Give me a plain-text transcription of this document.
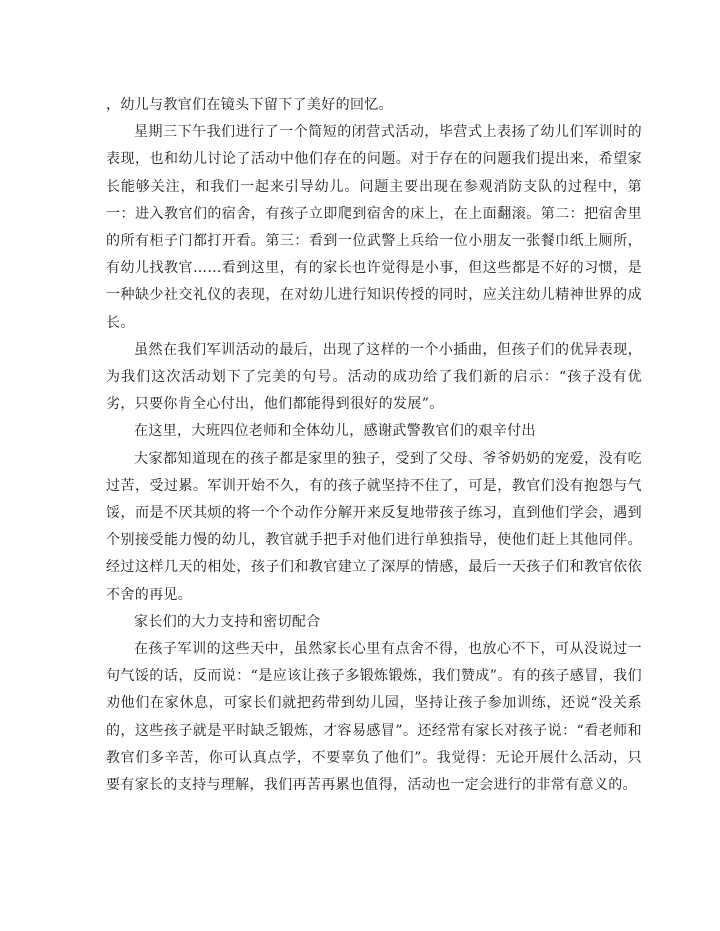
，幼儿与教官们在镜头下留下了美好的回忆。

星期三下午我们进行了一个简短的闭营式活动，毕营式上表扬了幼儿们军训时的表现，也和幼儿讨论了活动中他们存在的问题。对于存在的问题我们提出来，希望家长能够关注，和我们一起来引导幼儿。问题主要出现在参观消防支队的过程中，第一：进入教官们的宿舍，有孩子立即爬到宿舍的床上，在上面翻滚。第二：把宿舍里的所有柜子门都打开看。第三：看到一位武警上兵给一位小朋友一张餐巾纸上厕所，有幼儿找教官……看到这里，有的家长也许觉得是小事，但这些都是不好的习惯，是一种缺少社交礼仪的表现，在对幼儿进行知识传授的同时，应关注幼儿精神世界的成长。

虽然在我们军训活动的最后，出现了这样的一个小插曲，但孩子们的优异表现，为我们这次活动划下了完美的句号。活动的成功给了我们新的启示：“孩子没有优劣，只要你肯全心付出，他们都能得到很好的发展”。

在这里，大班四位老师和全体幼儿，感谢武警教官们的艰辛付出

大家都知道现在的孩子都是家里的独子，受到了父母、爷爷奶奶的宠爱，没有吃过苦，受过累。军训开始不久，有的孩子就坚持不住了，可是，教官们没有抱怨与气馁，而是不厌其烦的将一个个动作分解开来反复地带孩子练习，直到他们学会，遇到个别接受能力慢的幼儿，教官就手把手对他们进行单独指导，使他们赶上其他同伴。经过这样几天的相处，孩子们和教官建立了深厚的情感，最后一天孩子们和教官依依不舍的再见。

家长们的大力支持和密切配合

在孩子军训的这些天中，虽然家长心里有点舍不得，也放心不下，可从没说过一句气馁的话，反而说：“是应该让孩子多锻炼锻炼，我们赞成”。有的孩子感冒，我们劝他们在家休息，可家长们就把药带到幼儿园，坚持让孩子参加训练，还说“没关系的，这些孩子就是平时缺乏锻炼，才容易感冒”。还经常有家长对孩子说：“看老师和教官们多辛苦，你可认真点学，不要辜负了他们”。我觉得：无论开展什么活动，只要有家长的支持与理解，我们再苦再累也值得，活动也一定会进行的非常有意义的。
